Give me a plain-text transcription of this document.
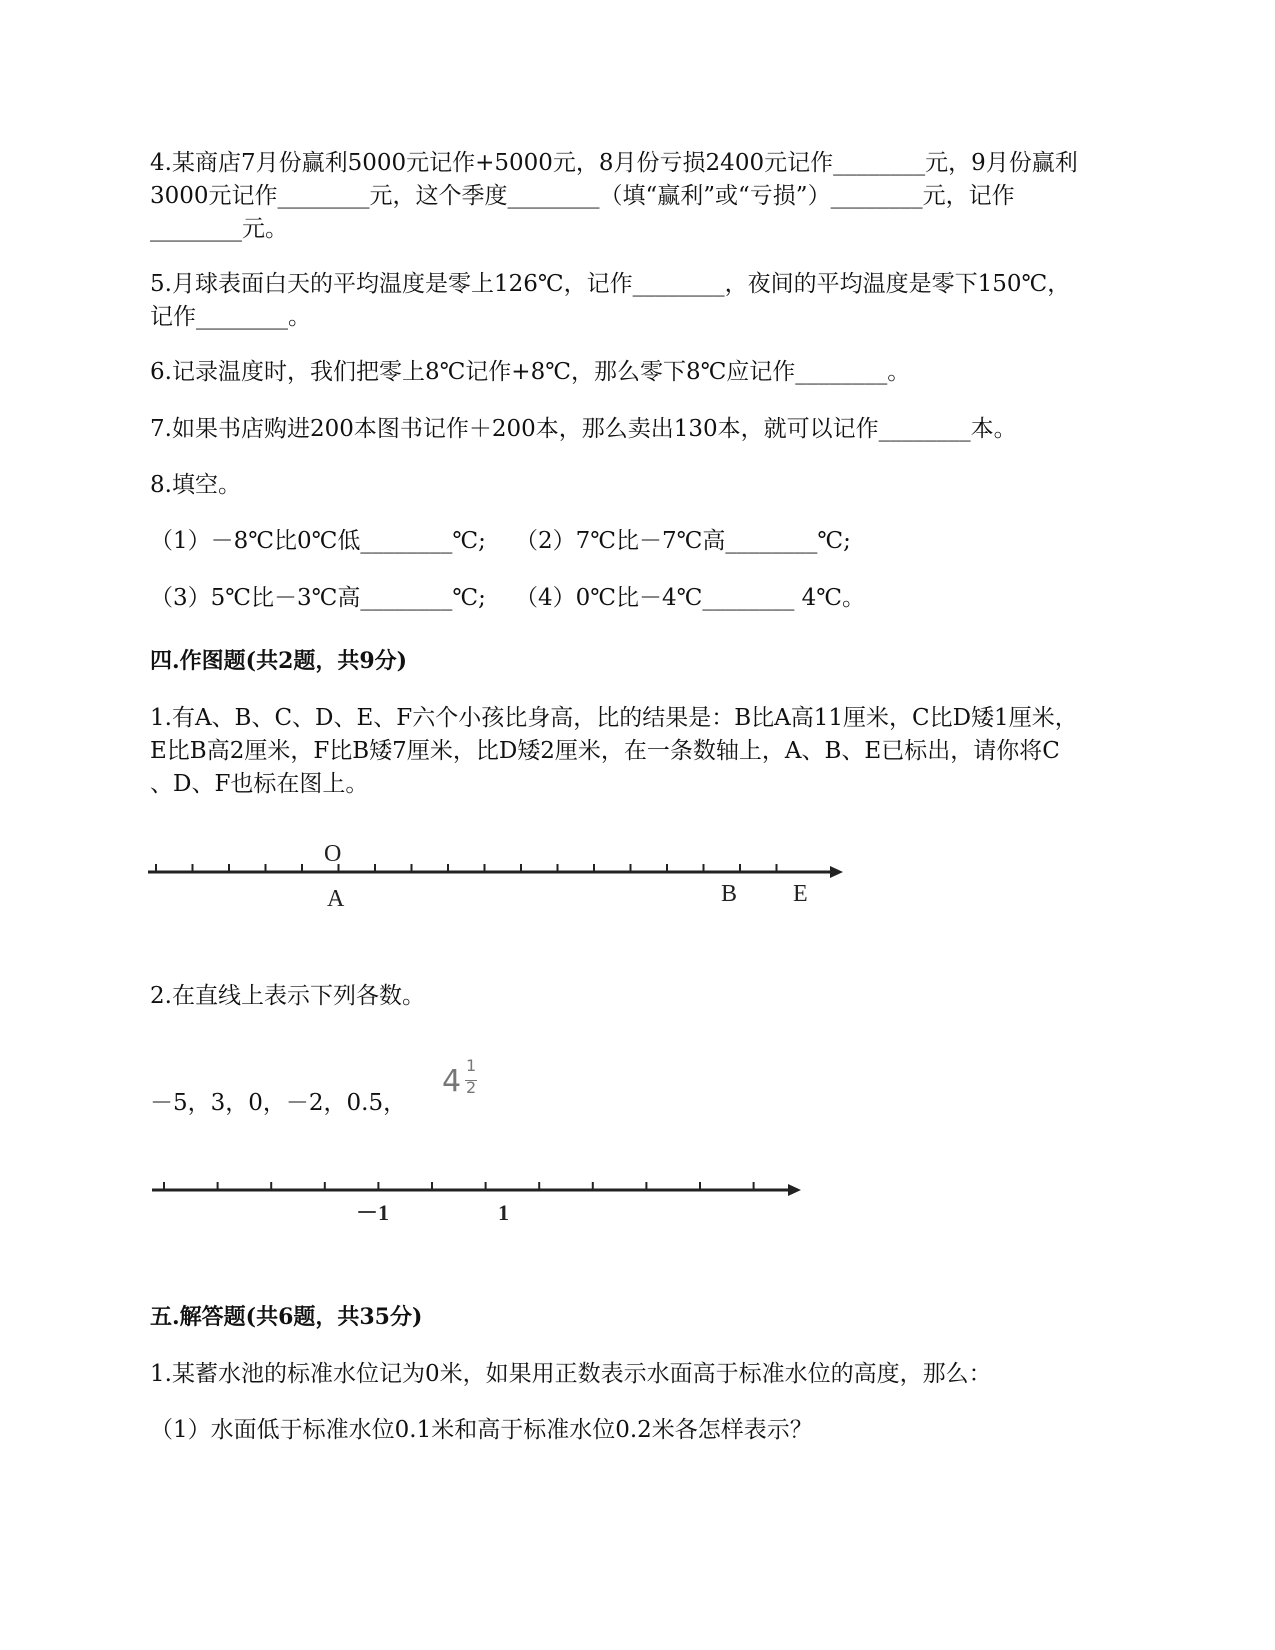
4.某商店7月份赢利5000元记作+5000元，8月份亏损2400元记作________元，9月份赢利
3000元记作________元，这个季度________（填“赢利”或“亏损”）________元，记作
________元。
5.月球表面白天的平均温度是零上126℃，记作________，夜间的平均温度是零下150℃，
记作________。
6.记录温度时，我们把零上8℃记作+8℃，那么零下8℃应记作________。
7.如果书店购进200本图书记作＋200本，那么卖出130本，就可以记作________本。
8.填空。
（1）－8℃比0℃低________℃; （2）7℃比－7℃高________℃;
（3）5℃比－3℃高________℃; （4）0℃比－4℃________ 4℃。
四.作图题(共2题，共9分)
1.有A、B、C、D、E、F六个小孩比身高，比的结果是：B比A高11厘米，C比D矮1厘米，
E比B高2厘米，F比B矮7厘米，比D矮2厘米，在一条数轴上，A、B、E已标出，请你将C
、D、F也标在图上。
O
A	B E
2.在直线上表示下列各数。
－5，3，0，－2，0.5，
4 1
2
－1	1
五.解答题(共6题，共35分)
1.某蓄水池的标准水位记为0米，如果用正数表示水面高于标准水位的高度，那么：
（1）水面低于标准水位0.1米和高于标准水位0.2米各怎样表示？
